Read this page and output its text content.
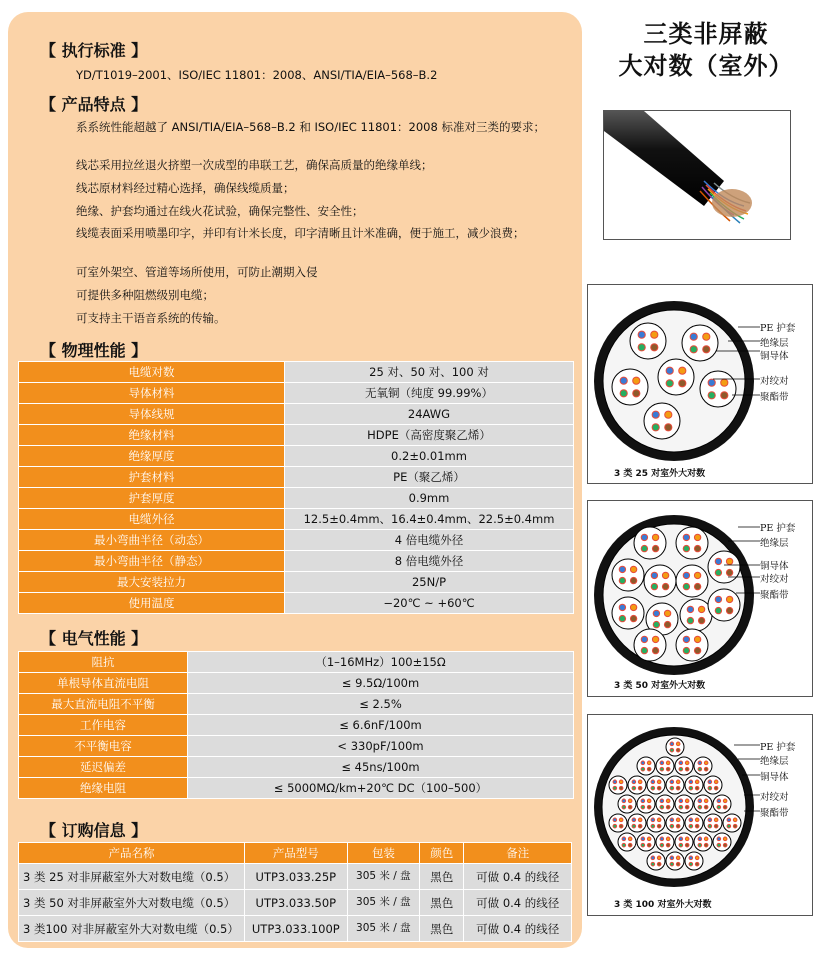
【 执行标准 】
YD/T1019–2001、ISO/IEC 11801：2008、ANSI/TIA/EIA–568–B.2
【 产品特点 】
系系统性能超越了 ANSI/TIA/EIA–568–B.2 和 ISO/IEC 11801：2008 标准对三类的要求；
线芯采用拉丝退火挤塑一次成型的串联工艺，确保高质量的绝缘单线；
线芯原材料经过精心选择，确保线缆质量；
绝缘、护套均通过在线火花试验，确保完整性、安全性；
线缆表面采用喷墨印字，并印有计米长度，印字清晰且计米准确，便于施工，减少浪费；
可室外架空、管道等场所使用，可防止潮期入侵
可提供多种阻燃级别电缆；
可支持主干语音系统的传输。
【 物理性能 】
电缆对数	25 对、50 对、100 对
导体材料	无氧铜（纯度 99.99%）
导体线规	24AWG
绝缘材料	HDPE（高密度聚乙烯）
绝缘厚度	0.2±0.01mm
护套材料	PE（聚乙烯）
护套厚度	0.9mm
电缆外径	12.5±0.4mm、16.4±0.4mm、22.5±0.4mm
最小弯曲半径（动态）	4 倍电缆外径
最小弯曲半径（静态）	8 倍电缆外径
最大安装拉力	25N/P
使用温度	−20℃ ~ +60℃
【 电气性能 】
阻抗	（1–16MHz）100±15Ω
单根导体直流电阻	≤ 9.5Ω/100m
最大直流电阻不平衡	≤ 2.5%
工作电容	≤ 6.6nF/100m
不平衡电容	< 330pF/100m
延迟偏差	≤ 45ns/100m
绝缘电阻	≤ 5000MΩ/km+20℃ DC（100–500）
【 订购信息 】
产品名称	产品型号	包装	颜色	备注
3 类 25 对非屏蔽室外大对数电缆（0.5）	UTP3.033.25P	305 米 / 盘	黑色	可做 0.4 的线径
3 类 50 对非屏蔽室外大对数电缆（0.5）	UTP3.033.50P	305 米 / 盘	黑色	可做 0.4 的线径
3 类100 对非屏蔽室外大对数电缆（0.5）	UTP3.033.100P	305 米 / 盘	黑色	可做 0.4 的线径
三类非屏蔽
大对数（室外）
PE 护套
绝缘层
铜导体
对绞对
聚酯带
3 类 25 对室外大对数
PE 护套
绝缘层
铜导体
对绞对
聚酯带
3 类 50 对室外大对数
PE 护套
绝缘层
铜导体
对绞对
聚酯带
3 类 100 对室外大对数
